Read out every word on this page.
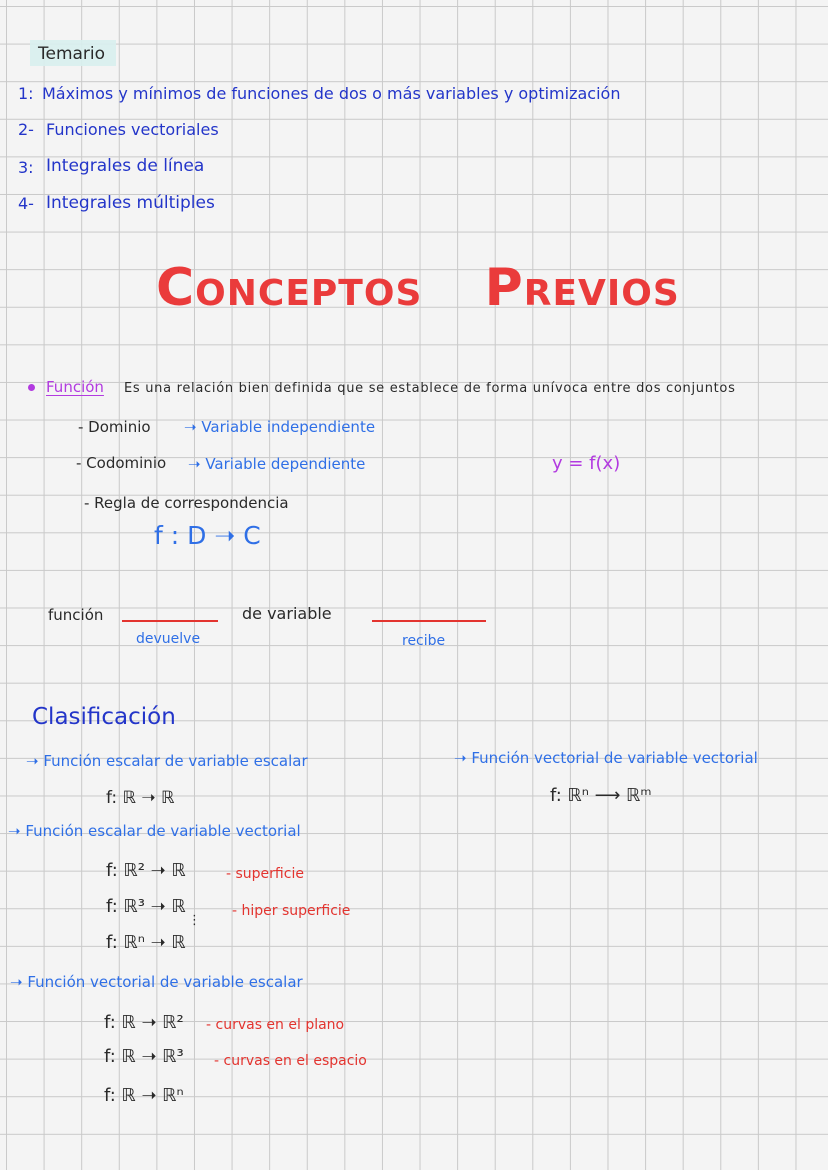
Temario
1: Máximos y mínimos de funciones de dos o más variables y optimización
2- Funciones vectoriales
3: Integrales de línea
4- Integrales múltiples
CONCEPTOS PREVIOS
Función Es una relación bien definida que se establece de forma unívoca entre dos conjuntos
- Dominio ➝ Variable independiente
- Codominio ➝ Variable dependiente	y = f(x)
- Regla de correspondencia
f : D ➝ C
función	de variable
devuelve	recibe
Clasificación
➝ Función escalar de variable escalar
f: ℝ ➝ ℝ
➝ Función vectorial de variable vectorial
f: ℝⁿ ⟶ ℝᵐ
➝ Función escalar de variable vectorial
f: ℝ² ➝ ℝ	- superficie
f: ℝ³ ➝ ℝ	- hiper superficie
⋮
f: ℝⁿ ➝ ℝ
➝ Función vectorial de variable escalar
f: ℝ ➝ ℝ² - curvas en el plano
f: ℝ ➝ ℝ³ - curvas en el espacio
f: ℝ ➝ ℝⁿ
